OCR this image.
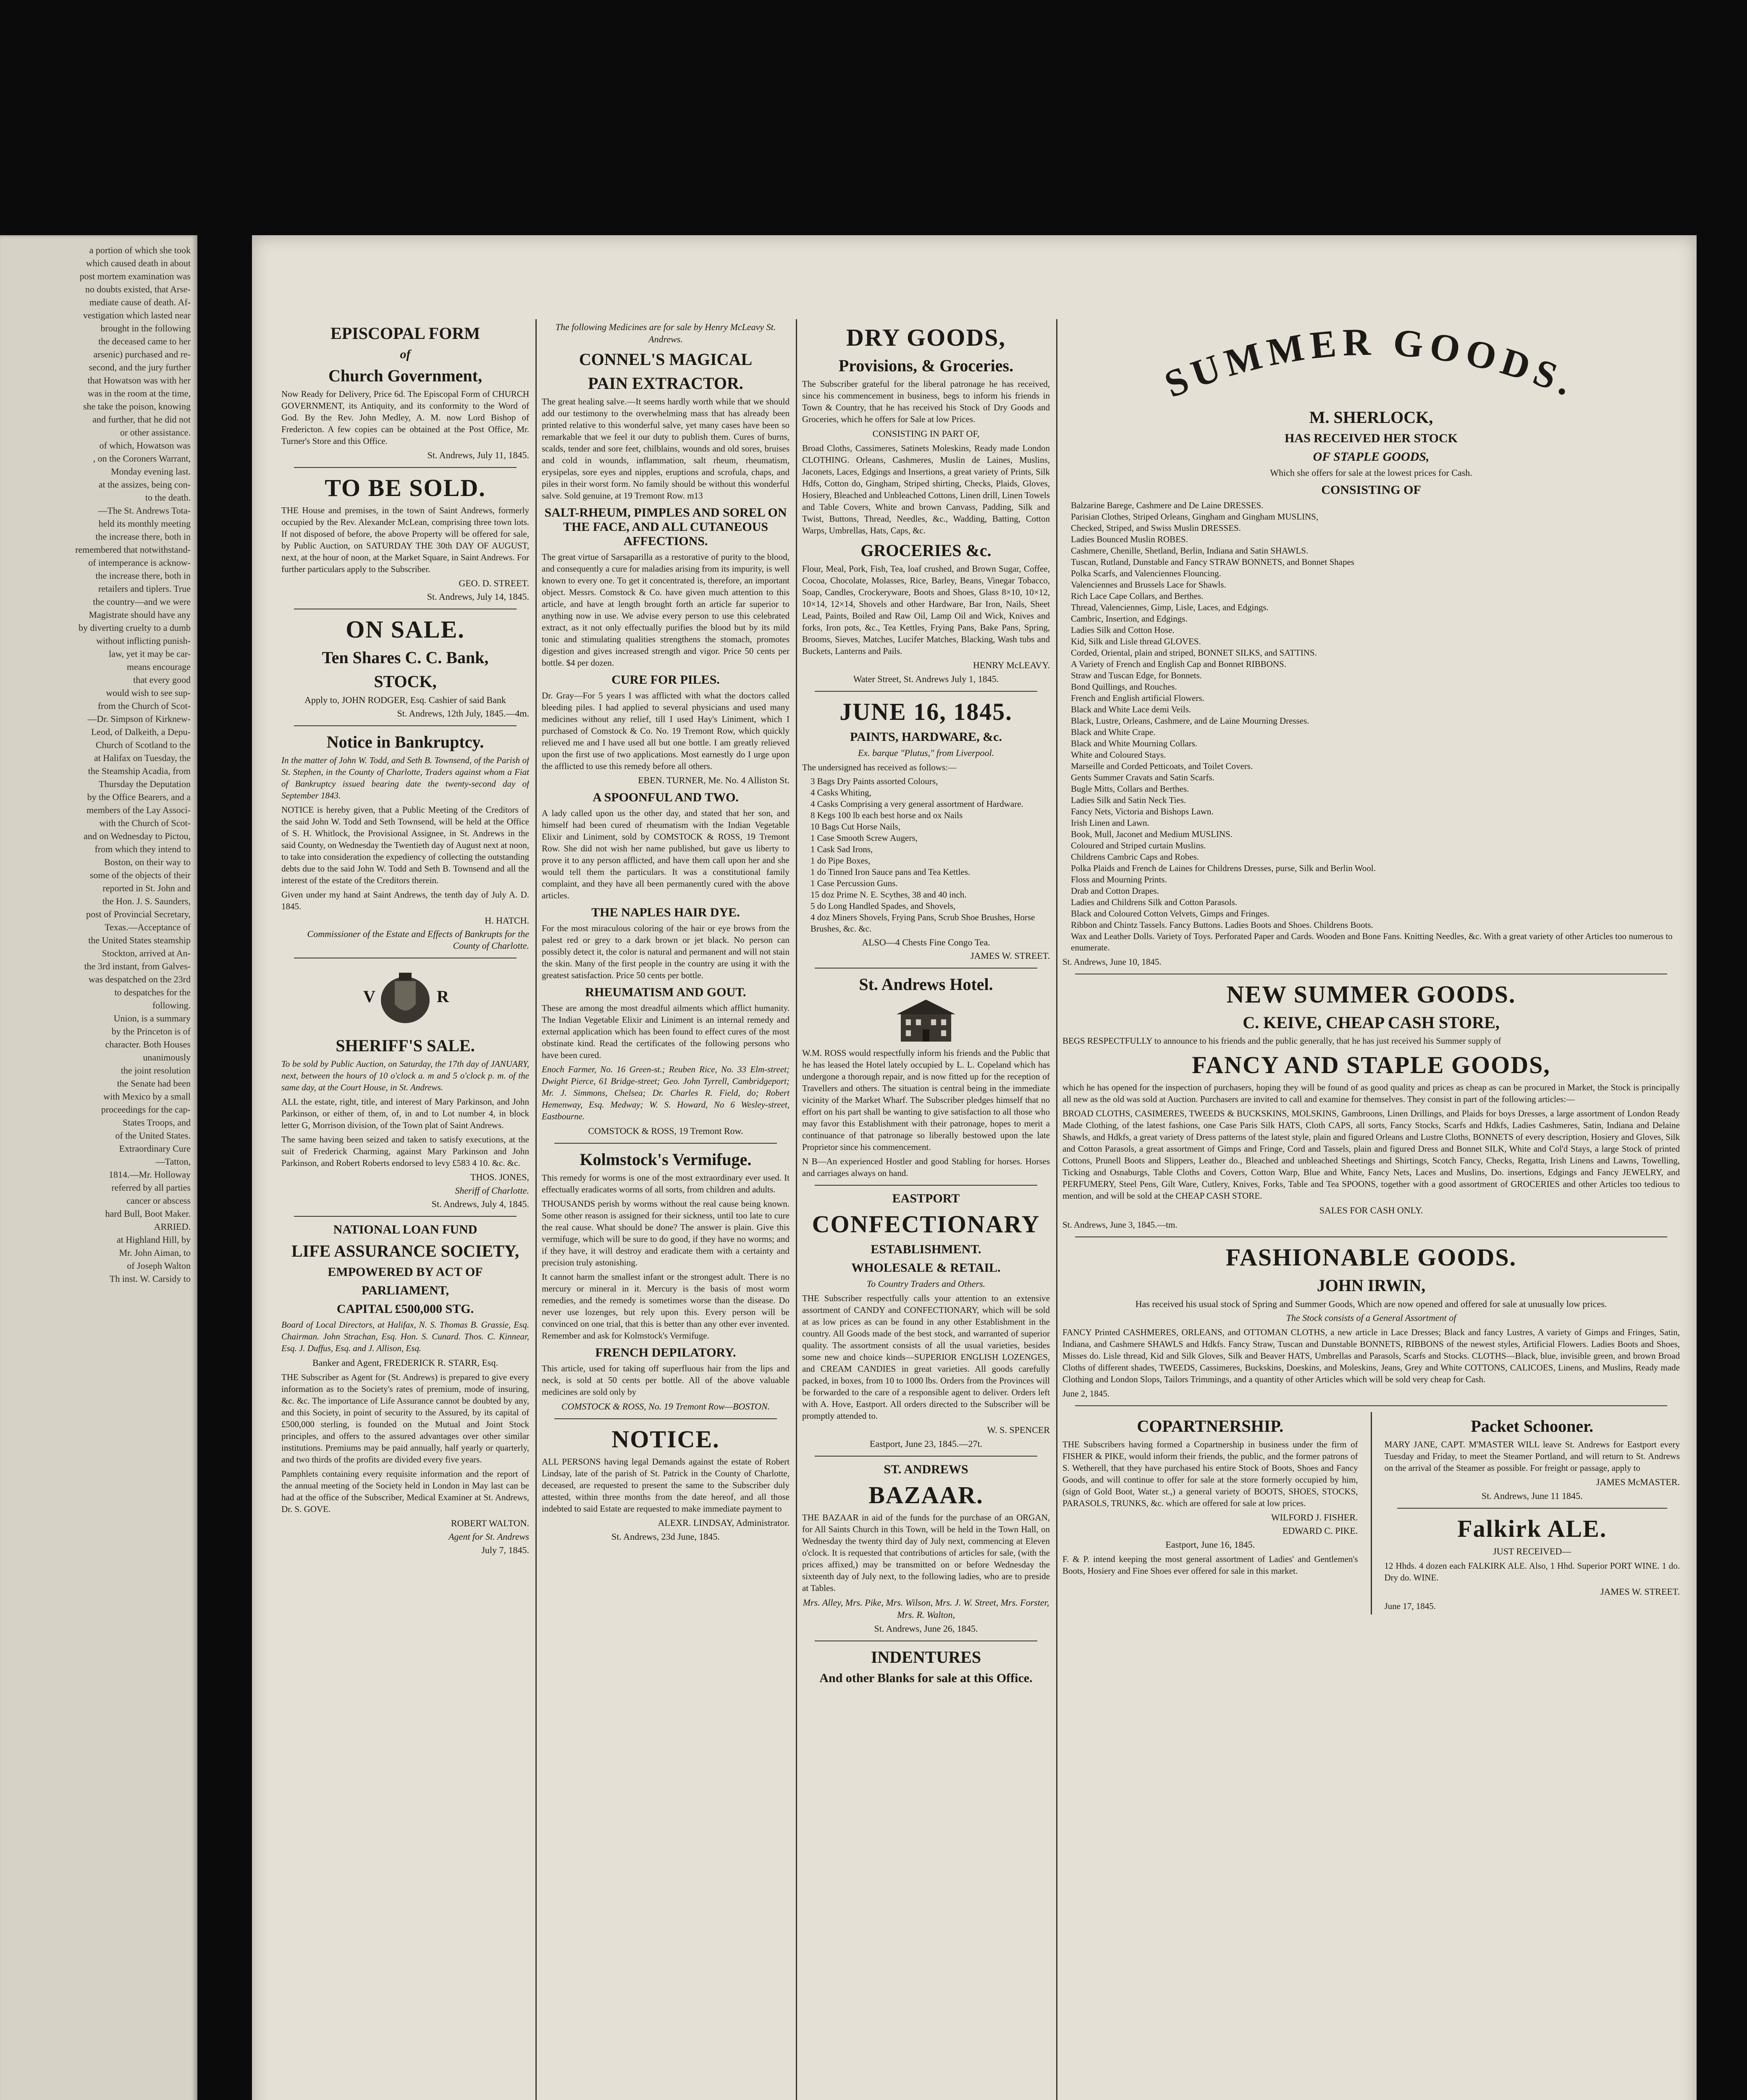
a portion of which she took
which caused death in about
post mortem examination was
no doubts existed, that Arse-
mediate cause of death. Af-
vestigation which lasted near
brought in the following
the deceased came to her
arsenic) purchased and re-
second, and the jury further
that Howatson was with her
was in the room at the time,
she take the poison, knowing
and further, that he did not
or other assistance.
of which, Howatson was
, on the Coroners Warrant,
Monday evening last.
at the assizes, being con-
to the death.
—The St. Andrews Tota-
held its monthly meeting
the increase there, both in
remembered that notwithstand-
of intemperance is acknow-
the increase there, both in
retailers and tiplers. True
the country—and we were
Magistrate should have any
by diverting cruelty to a dumb
without inflicting punish-
law, yet it may be car-
means encourage
that every good
would wish to see sup-
from the Church of Scot-
—Dr. Simpson of Kirknew-
Leod, of Dalkeith, a Depu-
Church of Scotland to the
at Halifax on Tuesday, the
the Steamship Acadia, from
Thursday the Deputation
by the Office Bearers, and a
members of the Lay Associ-
with the Church of Scot-
and on Wednesday to Pictou,
from which they intend to
Boston, on their way to
some of the objects of their
reported in St. John and
the Hon. J. S. Saunders,
post of Provincial Secretary,
Texas.—Acceptance of
the United States steamship
Stockton, arrived at An-
the 3rd instant, from Galves-
was despatched on the 23rd
to despatches for the
following.
Union, is a summary
by the Princeton is of
character. Both Houses
unanimously
the joint resolution
the Senate had been
with Mexico by a small
proceedings for the cap-
States Troops, and
of the United States.
Extraordinary Cure
—Tatton,
1814.—Mr. Holloway
referred by all parties
cancer or abscess
hard Bull, Boot Maker.
ARRIED.
at Highland Hill, by
Mr. John Aiman, to
of Joseph Walton
Th inst. W. Carsidy to
EPISCOPAL FORM
of
Church Government,
Now Ready for Delivery, Price 6d. The Episcopal Form of CHURCH GOVERNMENT, its Antiquity, and its conformity to the Word of God. By the Rev. John Medley, A. M. now Lord Bishop of Fredericton. A few copies can be obtained at the Post Office, Mr. Turner's Store and this Office.
St. Andrews, July 11, 1845.
TO BE SOLD.
THE House and premises, in the town of Saint Andrews, formerly occupied by the Rev. Alexander McLean, comprising three town lots. If not disposed of before, the above Property will be offered for sale, by Public Auction, on SATURDAY THE 30th DAY OF AUGUST, next, at the hour of noon, at the Market Square, in Saint Andrews. For further particulars apply to the Subscriber.
GEO. D. STREET.
St. Andrews, July 14, 1845.
ON SALE.
Ten Shares C. C. Bank,
STOCK,
Apply to, JOHN RODGER, Esq. Cashier of said Bank
St. Andrews, 12th July, 1845.—4m.
Notice in Bankruptcy.
In the matter of John W. Todd, and Seth B. Townsend, of the Parish of St. Stephen, in the County of Charlotte, Traders against whom a Fiat of Bankruptcy issued bearing date the twenty-second day of September 1843.
NOTICE is hereby given, that a Public Meeting of the Creditors of the said John W. Todd and Seth Townsend, will be held at the Office of S. H. Whitlock, the Provisional Assignee, in St. Andrews in the said County, on Wednesday the Twentieth day of August next at noon, to take into consideration the expediency of collecting the outstanding debts due to the said John W. Todd and Seth B. Townsend and all the interest of the estate of the Creditors therein.
Given under my hand at Saint Andrews, the tenth day of July A. D. 1845.
H. HATCH.
Commissioner of the Estate and Effects of Bankrupts for the County of Charlotte.
V	R
SHERIFF'S SALE.
To be sold by Public Auction, on Saturday, the 17th day of JANUARY, next, between the hours of 10 o'clock a. m and 5 o'clock p. m. of the same day, at the Court House, in St. Andrews.
ALL the estate, right, title, and interest of Mary Parkinson, and John Parkinson, or either of them, of, in and to Lot number 4, in block letter G, Morrison division, of the Town plat of Saint Andrews.
The same having been seized and taken to satisfy executions, at the suit of Frederick Charming, against Mary Parkinson and John Parkinson, and Robert Roberts endorsed to levy £583 4 10. &c. &c.
THOS. JONES,
Sheriff of Charlotte.
St. Andrews, July 4, 1845.
NATIONAL LOAN FUND
LIFE ASSURANCE SOCIETY,
EMPOWERED BY ACT OF
PARLIAMENT,
CAPITAL £500,000 STG.
Board of Local Directors, at Halifax, N. S. Thomas B. Grassie, Esq. Chairman. John Strachan, Esq. Hon. S. Cunard. Thos. C. Kinnear, Esq. J. Duffus, Esq. and J. Allison, Esq.
Banker and Agent, FREDERICK R. STARR, Esq.
THE Subscriber as Agent for (St. Andrews) is prepared to give every information as to the Society's rates of premium, mode of insuring, &c. &c. The importance of Life Assurance cannot be doubted by any, and this Society, in point of security to the Assured, by its capital of £500,000 sterling, is founded on the Mutual and Joint Stock principles, and offers to the assured advantages over other similar institutions. Premiums may be paid annually, half yearly or quarterly, and two thirds of the profits are divided every five years.
Pamphlets containing every requisite information and the report of the annual meeting of the Society held in London in May last can be had at the office of the Subscriber, Medical Examiner at St. Andrews, Dr. S. GOVE.
ROBERT WALTON.
Agent for St. Andrews
July 7, 1845.
The following Medicines are for sale by Henry McLeavy St. Andrews.
CONNEL'S MAGICAL
PAIN EXTRACTOR.
The great healing salve.—It seems hardly worth while that we should add our testimony to the overwhelming mass that has already been printed relative to this wonderful salve, yet many cases have been so remarkable that we feel it our duty to publish them. Cures of burns, scalds, tender and sore feet, chilblains, wounds and old sores, bruises and cold in wounds, inflammation, salt rheum, rheumatism, erysipelas, sore eyes and nipples, eruptions and scrofula, chaps, and piles in their worst form. No family should be without this wonderful salve. Sold genuine, at 19 Tremont Row. m13
SALT-RHEUM, PIMPLES AND SOREL ON THE FACE, AND ALL CUTANEOUS AFFECTIONS.
The great virtue of Sarsaparilla as a restorative of purity to the blood, and consequently a cure for maladies arising from its impurity, is well known to every one. To get it concentrated is, therefore, an important object. Messrs. Comstock & Co. have given much attention to this article, and have at length brought forth an article far superior to anything now in use. We advise every person to use this celebrated extract, as it not only effectually purifies the blood but by its mild tonic and stimulating qualities strengthens the stomach, promotes digestion and gives increased strength and vigor. Price 50 cents per bottle. $4 per dozen.
CURE FOR PILES.
Dr. Gray—For 5 years I was afflicted with what the doctors called bleeding piles. I had applied to several physicians and used many medicines without any relief, till I used Hay's Liniment, which I purchased of Comstock & Co. No. 19 Tremont Row, which quickly relieved me and I have used all but one bottle. I am greatly relieved upon the first use of two applications. Most earnestly do I urge upon the afflicted to use this remedy before all others.
EBEN. TURNER, Me. No. 4 Alliston St.
A SPOONFUL AND TWO.
A lady called upon us the other day, and stated that her son, and himself had been cured of rheumatism with the Indian Vegetable Elixir and Liniment, sold by COMSTOCK & ROSS, 19 Tremont Row. She did not wish her name published, but gave us liberty to prove it to any person afflicted, and have them call upon her and she would tell them the particulars. It was a constitutional family complaint, and they have all been permanently cured with the above articles.
THE NAPLES HAIR DYE.
For the most miraculous coloring of the hair or eye brows from the palest red or grey to a dark brown or jet black. No person can possibly detect it, the color is natural and permanent and will not stain the skin. Many of the first people in the country are using it with the greatest satisfaction. Price 50 cents per bottle.
RHEUMATISM AND GOUT.
These are among the most dreadful ailments which afflict humanity. The Indian Vegetable Elixir and Liniment is an internal remedy and external application which has been found to effect cures of the most obstinate kind. Read the certificates of the following persons who have been cured.
Enoch Farmer, No. 16 Green-st.; Reuben Rice, No. 33 Elm-street; Dwight Pierce, 61 Bridge-street; Geo. John Tyrrell, Cambridgeport; Mr. J. Simmons, Chelsea; Dr. Charles R. Field, do; Robert Hemenway, Esq. Medway; W. S. Howard, No 6 Wesley-street, Eastbourne.
COMSTOCK & ROSS, 19 Tremont Row.
Kolmstock's Vermifuge.
This remedy for worms is one of the most extraordinary ever used. It effectually eradicates worms of all sorts, from children and adults.
THOUSANDS perish by worms without the real cause being known. Some other reason is assigned for their sickness, until too late to cure the real cause. What should be done? The answer is plain. Give this vermifuge, which will be sure to do good, if they have no worms; and if they have, it will destroy and eradicate them with a certainty and precision truly astonishing.
It cannot harm the smallest infant or the strongest adult. There is no mercury or mineral in it. Mercury is the basis of most worm remedies, and the remedy is sometimes worse than the disease. Do never use lozenges, but rely upon this. Every person will be convinced on one trial, that this is better than any other ever invented. Remember and ask for Kolmstock's Vermifuge.
FRENCH DEPILATORY.
This article, used for taking off superfluous hair from the lips and neck, is sold at 50 cents per bottle. All of the above valuable medicines are sold only by
COMSTOCK & ROSS, No. 19 Tremont Row—BOSTON.
NOTICE.
ALL PERSONS having legal Demands against the estate of Robert Lindsay, late of the parish of St. Patrick in the County of Charlotte, deceased, are requested to present the same to the Subscriber duly attested, within three months from the date hereof, and all those indebted to said Estate are requested to make immediate payment to
ALEXR. LINDSAY, Administrator.
St. Andrews, 23d June, 1845.
DRY GOODS,
Provisions, & Groceries.
The Subscriber grateful for the liberal patronage he has received, since his commencement in business, begs to inform his friends in Town & Country, that he has received his Stock of Dry Goods and Groceries, which he offers for Sale at low Prices.
CONSISTING IN PART OF,
Broad Cloths, Cassimeres, Satinets Moleskins, Ready made London CLOTHING. Orleans, Cashmeres, Muslin de Laines, Muslins, Jaconets, Laces, Edgings and Insertions, a great variety of Prints, Silk Hdfs, Cotton do, Gingham, Striped shirting, Checks, Plaids, Gloves, Hosiery, Bleached and Unbleached Cottons, Linen drill, Linen Towels and Table Covers, White and brown Canvass, Padding, Silk and Twist, Buttons, Thread, Needles, &c., Wadding, Batting, Cotton Warps, Umbrellas, Hats, Caps, &c.
GROCERIES &c.
Flour, Meal, Pork, Fish, Tea, loaf crushed, and Brown Sugar, Coffee, Cocoa, Chocolate, Molasses, Rice, Barley, Beans, Vinegar Tobacco, Soap, Candles, Crockeryware, Boots and Shoes, Glass 8×10, 10×12, 10×14, 12×14, Shovels and other Hardware, Bar Iron, Nails, Sheet Lead, Paints, Boiled and Raw Oil, Lamp Oil and Wick, Knives and forks, Iron pots, &c., Tea Kettles, Frying Pans, Bake Pans, Spring, Brooms, Sieves, Matches, Lucifer Matches, Blacking, Wash tubs and Buckets, Lanterns and Pails.
HENRY McLEAVY.
Water Street, St. Andrews July 1, 1845.
JUNE 16, 1845.
PAINTS, HARDWARE, &c.
Ex. barque "Plutus," from Liverpool.
The undersigned has received as follows:—
3 Bags Dry Paints assorted Colours,
4 Casks Whiting,
4 Casks Comprising a very general assortment of Hardware.
8 Kegs 100 lb each best horse and ox Nails
10 Bags Cut Horse Nails,
1 Case Smooth Screw Augers,
1 Cask Sad Irons,
1 do Pipe Boxes,
1 do Tinned Iron Sauce pans and Tea Kettles.
1 Case Percussion Guns.
15 doz Prime N. E. Scythes, 38 and 40 inch.
5 do Long Handled Spades, and Shovels,
4 doz Miners Shovels, Frying Pans, Scrub Shoe Brushes, Horse Brushes, &c. &c.
ALSO—4 Chests Fine Congo Tea.
JAMES W. STREET.
St. Andrews Hotel.
W.M. ROSS would respectfully inform his friends and the Public that he has leased the Hotel lately occupied by L. L. Copeland which has undergone a thorough repair, and is now fitted up for the reception of Travellers and others. The situation is central being in the immediate vicinity of the Market Wharf. The Subscriber pledges himself that no effort on his part shall be wanting to give satisfaction to all those who may favor this Establishment with their patronage, hopes to merit a continuance of that patronage so liberally bestowed upon the late Proprietor since his commencement.
N B—An experienced Hostler and good Stabling for horses. Horses and carriages always on hand.
EASTPORT
CONFECTIONARY
ESTABLISHMENT.
WHOLESALE & RETAIL.
To Country Traders and Others.
THE Subscriber respectfully calls your attention to an extensive assortment of CANDY and CONFECTIONARY, which will be sold at as low prices as can be found in any other Establishment in the country. All Goods made of the best stock, and warranted of superior quality. The assortment consists of all the usual varieties, besides some new and choice kinds—SUPERIOR ENGLISH LOZENGES, and CREAM CANDIES in great varieties. All goods carefully packed, in boxes, from 10 to 1000 lbs. Orders from the Provinces will be forwarded to the care of a responsible agent to deliver. Orders left with A. Hove, Eastport. All orders directed to the Subscriber will be promptly attended to.
W. S. SPENCER
Eastport, June 23, 1845.—27t.
ST. ANDREWS
BAZAAR.
THE BAZAAR in aid of the funds for the purchase of an ORGAN, for All Saints Church in this Town, will be held in the Town Hall, on Wednesday the twenty third day of July next, commencing at Eleven o'clock. It is requested that contributions of articles for sale, (with the prices affixed,) may be transmitted on or before Wednesday the sixteenth day of July next, to the following ladies, who are to preside at Tables.
Mrs. Alley, Mrs. Pike, Mrs. Wilson, Mrs. J. W. Street, Mrs. Forster, Mrs. R. Walton,
St. Andrews, June 26, 1845.
INDENTURES
And other Blanks for sale at this Office.
SUMMER GOODS.
M. SHERLOCK,
HAS RECEIVED HER STOCK
OF STAPLE GOODS,
Which she offers for sale at the lowest prices for Cash.
CONSISTING OF
Balzarine Barege, Cashmere and De Laine DRESSES.
Parisian Clothes, Striped Orleans, Gingham and Gingham MUSLINS,
Checked, Striped, and Swiss Muslin DRESSES.
Ladies Bounced Muslin ROBES.
Cashmere, Chenille, Shetland, Berlin, Indiana and Satin SHAWLS.
Tuscan, Rutland, Dunstable and Fancy STRAW BONNETS, and Bonnet Shapes
Polka Scarfs, and Valenciennes Flouncing.
Valenciennes and Brussels Lace for Shawls.
Rich Lace Cape Collars, and Berthes.
Thread, Valenciennes, Gimp, Lisle, Laces, and Edgings.
Cambric, Insertion, and Edgings.
Ladies Silk and Cotton Hose.
Kid, Silk and Lisle thread GLOVES.
Corded, Oriental, plain and striped, BONNET SILKS, and SATTINS.
A Variety of French and English Cap and Bonnet RIBBONS.
Straw and Tuscan Edge, for Bonnets.
Bond Quillings, and Rouches.
French and English artificial Flowers.
Black and White Lace demi Veils.
Black, Lustre, Orleans, Cashmere, and de Laine Mourning Dresses.
Black and White Crape.
Black and White Mourning Collars.
White and Coloured Stays.
Marseille and Corded Petticoats, and Toilet Covers.
Gents Summer Cravats and Satin Scarfs.
Bugle Mitts, Collars and Berthes.
Ladies Silk and Satin Neck Ties.
Fancy Nets, Victoria and Bishops Lawn.
Irish Linen and Lawn.
Book, Mull, Jaconet and Medium MUSLINS.
Coloured and Striped curtain Muslins.
Childrens Cambric Caps and Robes.
Polka Plaids and French de Laines for Childrens Dresses, purse, Silk and Berlin Wool.
Floss and Mourning Prints.
Drab and Cotton Drapes.
Ladies and Childrens Silk and Cotton Parasols.
Black and Coloured Cotton Velvets, Gimps and Fringes.
Ribbon and Chintz Tassels. Fancy Buttons. Ladies Boots and Shoes. Childrens Boots.
Wax and Leather Dolls. Variety of Toys. Perforated Paper and Cards. Wooden and Bone Fans. Knitting Needles, &c. With a great variety of other Articles too numerous to enumerate.
St. Andrews, June 10, 1845.
NEW SUMMER GOODS.
C. KEIVE, CHEAP CASH STORE,
BEGS RESPECTFULLY to announce to his friends and the public generally, that he has just received his Summer supply of
FANCY AND STAPLE GOODS,
which he has opened for the inspection of purchasers, hoping they will be found of as good quality and prices as cheap as can be procured in Market, the Stock is principally all new as the old was sold at Auction. Purchasers are invited to call and examine for themselves. They consist in part of the following articles:—
BROAD CLOTHS, CASIMERES, TWEEDS & BUCKSKINS, MOLSKINS, Gambroons, Linen Drillings, and Plaids for boys Dresses, a large assortment of London Ready Made Clothing, of the latest fashions, one Case Paris Silk HATS, Cloth CAPS, all sorts, Fancy Stocks, Scarfs and Hdkfs, Ladies Cashmeres, Satin, Indiana and Delaine Shawls, and Hdkfs, a great variety of Dress patterns of the latest style, plain and figured Orleans and Lustre Cloths, BONNETS of every description, Hosiery and Gloves, Silk and Cotton Parasols, a great assortment of Gimps and Fringe, Cord and Tassels, plain and figured Dress and Bonnet SILK, White and Col'd Stays, a large Stock of printed Cottons, Prunell Boots and Slippers, Leather do., Bleached and unbleached Sheetings and Shirtings, Scotch Fancy, Checks, Regatta, Irish Linens and Lawns, Towelling, Ticking and Osnaburgs, Table Cloths and Covers, Cotton Warp, Blue and White, Fancy Nets, Laces and Muslins, Do. insertions, Edgings and Fancy JEWELRY, and PERFUMERY, Steel Pens, Gilt Ware, Cutlery, Knives, Forks, Table and Tea SPOONS, together with a good assortment of GROCERIES and other Articles too tedious to mention, and will be sold at the CHEAP CASH STORE.
SALES FOR CASH ONLY.
St. Andrews, June 3, 1845.—tm.
FASHIONABLE GOODS.
JOHN IRWIN,
Has received his usual stock of Spring and Summer Goods, Which are now opened and offered for sale at unusually low prices.
The Stock consists of a General Assortment of
FANCY Printed CASHMERES, ORLEANS, and OTTOMAN CLOTHS, a new article in Lace Dresses; Black and fancy Lustres, A variety of Gimps and Fringes, Satin, Indiana, and Cashmere SHAWLS and Hdkfs. Fancy Straw, Tuscan and Dunstable BONNETS, RIBBONS of the newest styles, Artificial Flowers. Ladies Boots and Shoes, Misses do. Lisle thread, Kid and Silk Gloves, Silk and Beaver HATS, Umbrellas and Parasols, Scarfs and Stocks. CLOTHS—Black, blue, invisible green, and brown Broad Cloths of different shades, TWEEDS, Cassimeres, Buckskins, Doeskins, and Moleskins, Jeans, Grey and White COTTONS, CALICOES, Linens, and Muslins, Ready made Clothing and London Slops, Tailors Trimmings, and a quantity of other Articles which will be sold very cheap for Cash.
June 2, 1845.
COPARTNERSHIP.
THE Subscribers having formed a Copartnership in business under the firm of FISHER & PIKE, would inform their friends, the public, and the former patrons of S. Wetherell, that they have purchased his entire Stock of Boots, Shoes and Fancy Goods, and will continue to offer for sale at the store formerly occupied by him, (sign of Gold Boot, Water st.,) a general variety of BOOTS, SHOES, STOCKS, PARASOLS, TRUNKS, &c. which are offered for sale at low prices.
WILFORD J. FISHER.
EDWARD C. PIKE.
Eastport, June 16, 1845.
F. & P. intend keeping the most general assortment of Ladies' and Gentlemen's Boots, Hosiery and Fine Shoes ever offered for sale in this market.
Packet Schooner.
MARY JANE, CAPT. M'MASTER WILL leave St. Andrews for Eastport every Tuesday and Friday, to meet the Steamer Portland, and will return to St. Andrews on the arrival of the Steamer as possible. For freight or passage, apply to
JAMES McMASTER.
St. Andrews, June 11 1845.
Falkirk ALE.
JUST RECEIVED—
12 Hhds. 4 dozen each FALKIRK ALE. Also, 1 Hhd. Superior PORT WINE. 1 do. Dry do. WINE.
JAMES W. STREET.
June 17, 1845.
